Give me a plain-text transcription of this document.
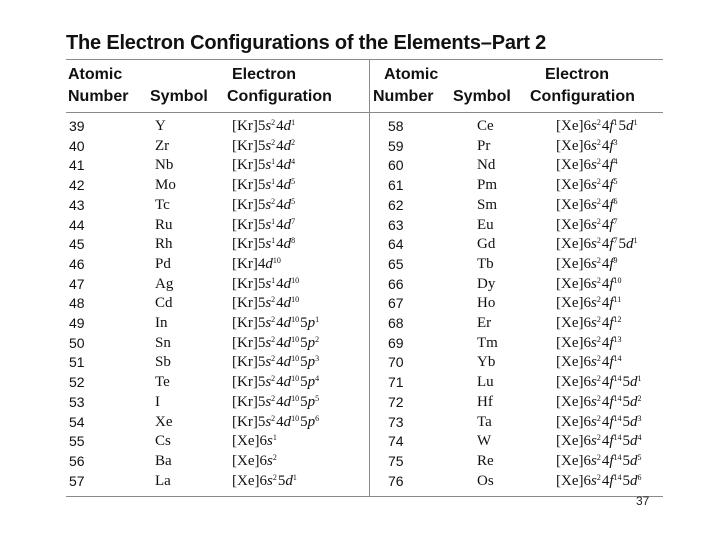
The Electron Configurations of the Elements–Part 2
Atomic
Number Symbol
Electron
Configuration
Atomic
Number Symbol
Electron
Configuration
39	Y	$[Kr]5s^24d^1$
40	Zr	$[Kr]5s^24d^2$
41	Nb	$[Kr]5s^14d^4$
42	Mo	$[Kr]5s^14d^5$
43	Tc	$[Kr]5s^24d^5$
44	Ru	$[Kr]5s^14d^7$
45	Rh	$[Kr]5s^14d^8$
46	Pd	$[Kr]4d^{10}$
47	Ag	$[Kr]5s^14d^{10}$
48	Cd	$[Kr]5s^24d^{10}$
49	In	$[Kr]5s^24d^{10}5p^1$
50	Sn	$[Kr]5s^24d^{10}5p^2$
51	Sb	$[Kr]5s^24d^{10}5p^3$
52	Te	$[Kr]5s^24d^{10}5p^4$
53	I	$[Kr]5s^24d^{10}5p^5$
54	Xe	$[Kr]5s^24d^{10}5p^6$
55	Cs	$[Xe]6s^1$
56	Ba	$[Xe]6s^2$
57	La	$[Xe]6s^25d^1$
58	Ce	$[Xe]6s^24f^15d^1$
59	Pr	$[Xe]6s^24f^3$
60	Nd	$[Xe]6s^24f^4$
61	Pm	$[Xe]6s^24f^5$
62	Sm	$[Xe]6s^24f^6$
63	Eu	$[Xe]6s^24f^7$
64	Gd	$[Xe]6s^24f^75d^1$
65	Tb	$[Xe]6s^24f^9$
66	Dy	$[Xe]6s^24f^{10}$
67	Ho	$[Xe]6s^24f^{11}$
68	Er	$[Xe]6s^24f^{12}$
69	Tm	$[Xe]6s^24f^{13}$
70	Yb	$[Xe]6s^24f^{14}$
71	Lu	$[Xe]6s^24f^{14}5d^1$
72	Hf	$[Xe]6s^24f^{14}5d^2$
73	Ta	$[Xe]6s^24f^{14}5d^3$
74	W	$[Xe]6s^24f^{14}5d^4$
75	Re	$[Xe]6s^24f^{14}5d^5$
76	Os	$[Xe]6s^24f^{14}5d^6$
37
